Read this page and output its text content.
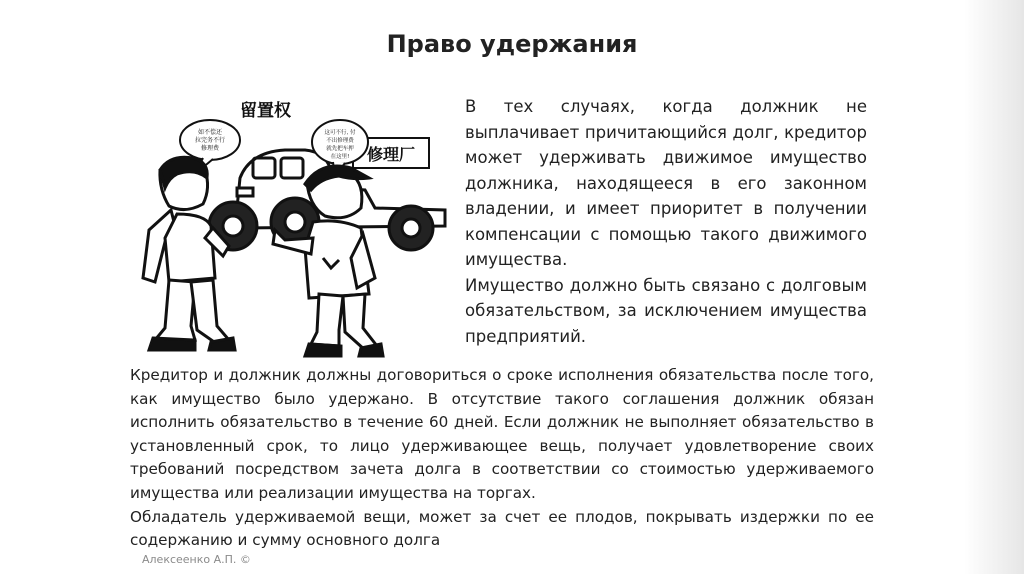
Право удержания
留置权
修理厂
如不偿还
拉完务不行
修理费
这可不行, 付
不出修理费
就先把车押
在这里!

В тех случаях, когда должник не выплачивает причитающийся долг, кредитор может удерживать движимое имущество должника, находящееся в его законном владении, и имеет приоритет в получении компенсации с помощью такого движимого имущества.

Имущество должно быть связано с долговым обязательством, за исключением имущества предприятий.

Кредитор и должник должны договориться о сроке исполнения обязательства после того, как имущество было удержано. В отсутствие такого соглашения должник обязан исполнить обязательство в течение 60 дней. Если должник не выполняет обязательство в установленный срок, то лицо удерживающее вещь, получает удовлетворение своих требований посредством зачета долга в соответствии со стоимостью удерживаемого имущества или реализации имущества на торгах.

Обладатель удерживаемой вещи, может за счет ее плодов, покрывать издержки по ее содержанию и сумму основного долга

Алексеенко А.П. ©
